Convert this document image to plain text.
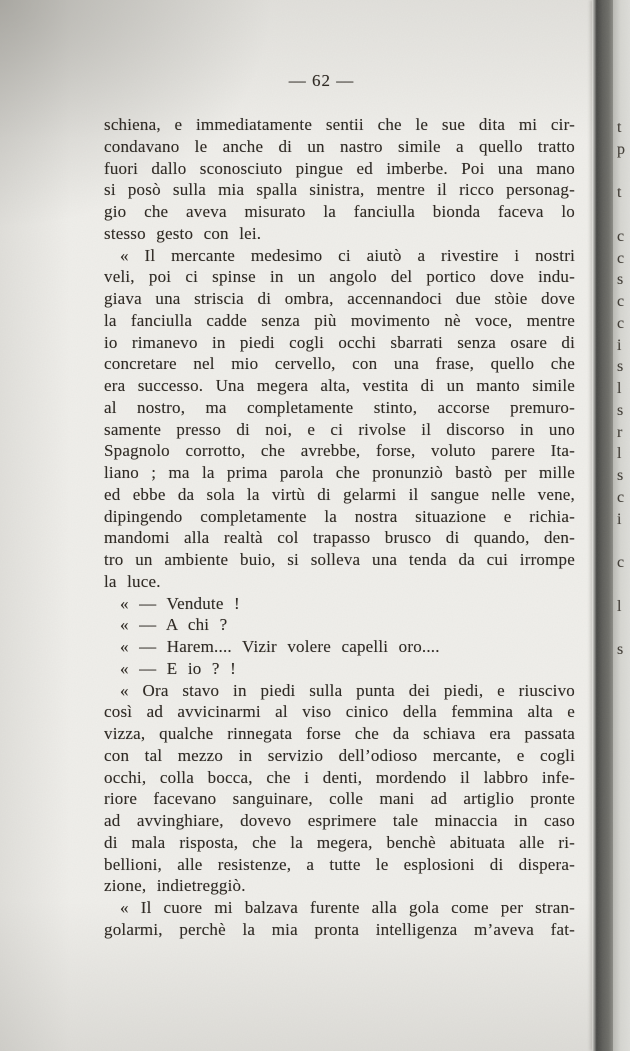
— 62 —
schiena, e immediatamente sentii che le sue dita mi cir-
condavano le anche di un nastro simile a quello tratto
fuori dallo sconosciuto pingue ed imberbe. Poi una mano
si posò sulla mia spalla sinistra, mentre il ricco personag-
gio che aveva misurato la fanciulla bionda faceva lo
stesso gesto con lei.
« Il mercante medesimo ci aiutò a rivestire i nostri
veli, poi ci spinse in un angolo del portico dove indu-
giava una striscia di ombra, accennandoci due stòie dove
la fanciulla cadde senza più movimento nè voce, mentre
io rimanevo in piedi cogli occhi sbarrati senza osare di
concretare nel mio cervello, con una frase, quello che
era successo. Una megera alta, vestita di un manto simile
al nostro, ma completamente stinto, accorse premuro-
samente presso di noi, e ci rivolse il discorso in uno
Spagnolo corrotto, che avrebbe, forse, voluto parere Ita-
liano ; ma la prima parola che pronunziò bastò per mille
ed ebbe da sola la virtù di gelarmi il sangue nelle vene,
dipingendo completamente la nostra situazione e richia-
mandomi alla realtà col trapasso brusco di quando, den-
tro un ambiente buio, si solleva una tenda da cui irrompe
la luce.
« — Vendute !
« — A chi ?
« — Harem.... Vizir volere capelli oro....
« — E io ? !
« Ora stavo in piedi sulla punta dei piedi, e riuscivo
così ad avvicinarmi al viso cinico della femmina alta e
vizza, qualche rinnegata forse che da schiava era passata
con tal mezzo in servizio dell’odioso mercante, e cogli
occhi, colla bocca, che i denti, mordendo il labbro infe-
riore facevano sanguinare, colle mani ad artiglio pronte
ad avvinghiare, dovevo esprimere tale minaccia in caso
di mala risposta, che la megera, benchè abituata alle ri-
bellioni, alle resistenze, a tutte le esplosioni di dispera-
zione, indietreggiò.
« Il cuore mi balzava furente alla gola come per stran-
golarmi, perchè la mia pronta intelligenza m’aveva fat-
t
p
t
c
c
s
c
c
i
s
l
s
r
l
s
c
i
c
l
s
